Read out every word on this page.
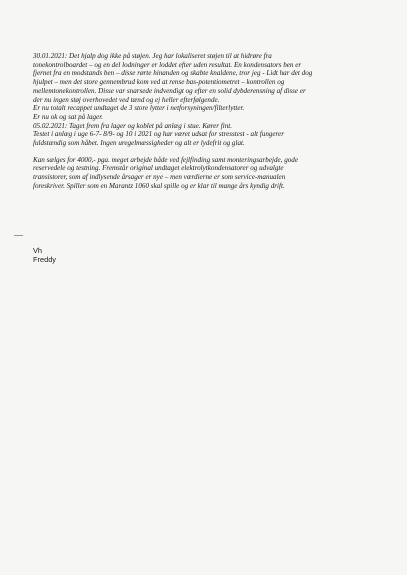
30.01.2021: Det hjalp dog ikke på støjen. Jeg har lokaliseret støjen til at hidrøre fra
tonekontrolboardet – og en del lodninger er loddet efter uden resultat. En kondensators ben er
fjernet fra en modstands ben – disse rørte hinanden og skabte knaldene, tror jeg - Lidt har det dog
hjulpet – men det store gennembrud kom ved at rense bas-potentiometret – kontrollen og
mellemtonekontrollen. Disse var snarsede indvendigt og efter en solid dybderensning af disse er
der nu ingen støj overhovedet ved tænd og ej heller efterfølgende.
Er nu totalt recappet undtaget de 3 store lytter i netforsyningen/filterlytter.
Er nu ok og sat på lager.
05.02.2021: Taget frem fra lager og koblet på anlæg i stue. Kører fint.
Testet i anlæg i uge 6-7- 8/9- og 10 i 2021 og har været udsat for stresstest - alt fungerer
fuldstændig som håbet. Ingen uregelmæssigheder og alt er lydefrit og glat.
Kan sælges for 4000,- pga. meget arbejde både ved fejlfinding samt monteringsarbejde, gode
reservedele og testning. Fremstår original undtaget elektrolytkondensatorer og udvalgte
transistorer, som af indlysende årsager er nye – men værdierne er som service-manualen
foreskriver. Spiller som en Marantz 1060 skal spille og er klar til mange års kyndig drift.
Vh
Freddy
